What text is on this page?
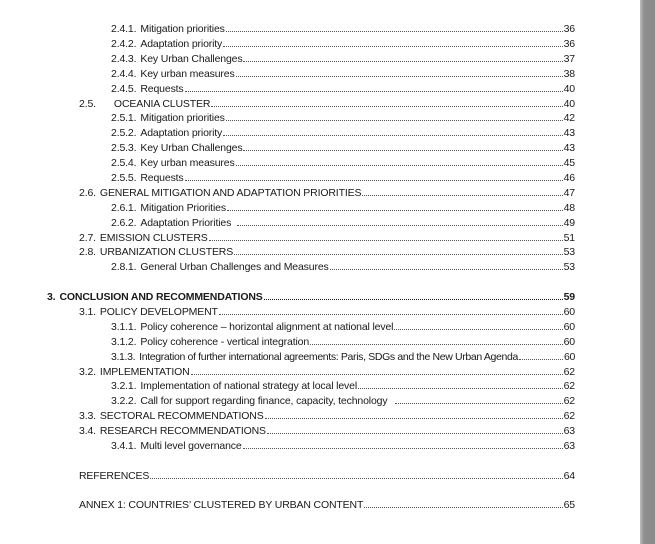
2.4.1. Mitigation priorities	36
2.4.2. Adaptation priority	36
2.4.3. Key Urban Challenges	37
2.4.4. Key urban measures	38
2.4.5. Requests	40
2.5. OCEANIA CLUSTER	40
2.5.1. Mitigation priorities	42
2.5.2. Adaptation priority	43
2.5.3. Key Urban Challenges	43
2.5.4. Key urban measures	45
2.5.5. Requests	46
2.6. GENERAL MITIGATION AND ADAPTATION PRIORITIES	47
2.6.1. Mitigation Priorities	48
2.6.2. Adaptation Priorities	49
2.7. EMISSION CLUSTERS	51
2.8. URBANIZATION CLUSTERS	53
2.8.1. General Urban Challenges and Measures	53
3. CONCLUSION AND RECOMMENDATIONS	59
3.1. POLICY DEVELOPMENT	60
3.1.1. Policy coherence – horizontal alignment at national level	60
3.1.2. Policy coherence - vertical integration	60
3.1.3. Integration of further international agreements: Paris, SDGs and the New Urban Agenda	60
3.2. IMPLEMENTATION	62
3.2.1. Implementation of national strategy at local level	62
3.2.2. Call for support regarding finance, capacity, technology	62
3.3. SECTORAL RECOMMENDATIONS	62
3.4. RESEARCH RECOMMENDATIONS	63
3.4.1. Multi level governance	63
REFERENCES	64
ANNEX 1: COUNTRIES’ CLUSTERED BY URBAN CONTENT	65
